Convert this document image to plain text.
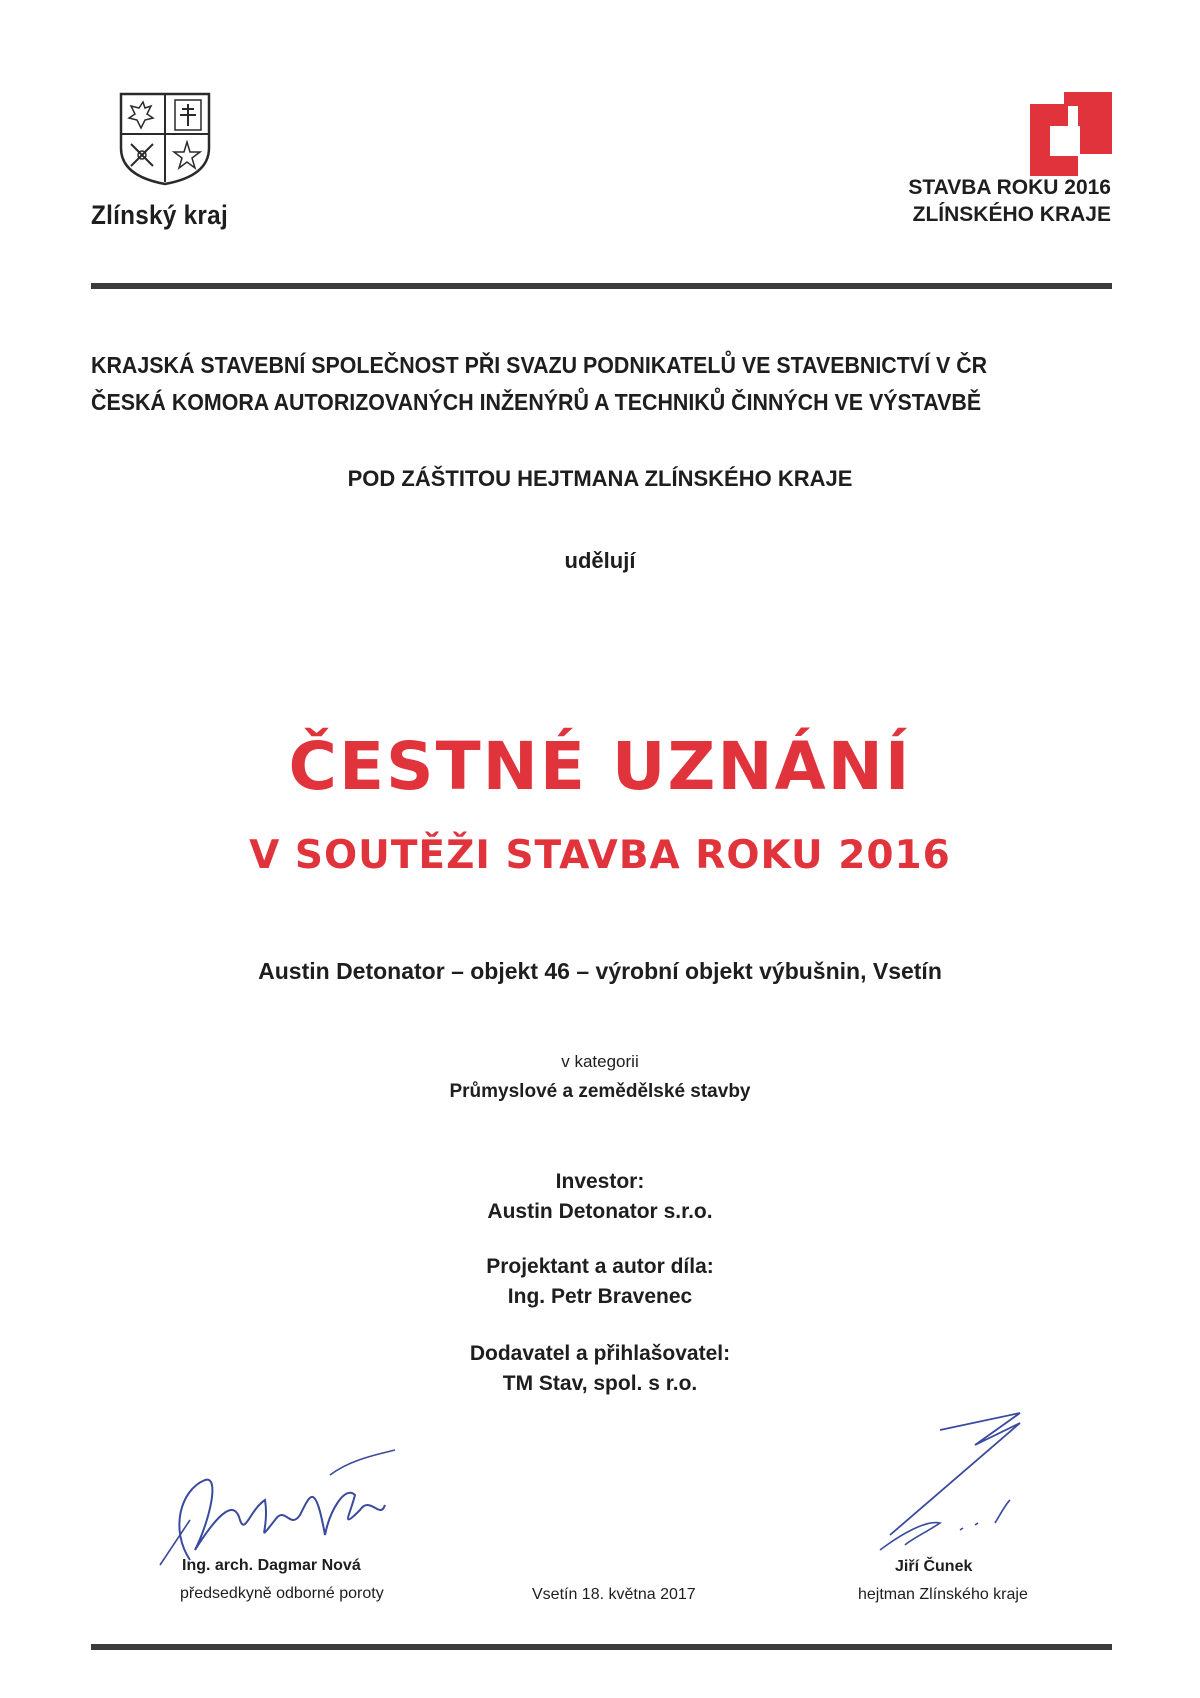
Zlínský kraj
STAVBA ROKU 2016
ZLÍNSKÉHO KRAJE
KRAJSKÁ STAVEBNÍ SPOLEČNOST PŘI SVAZU PODNIKATELŮ VE STAVEBNICTVÍ V ČR
ČESKÁ KOMORA AUTORIZOVANÝCH INŽENÝRŮ A TECHNIKŮ ČINNÝCH VE VÝSTAVBĚ
POD ZÁŠTITOU HEJTMANA ZLÍNSKÉHO KRAJE
udělují
ČESTNÉ UZNÁNÍ
V SOUTĚŽI STAVBA ROKU 2016
Austin Detonator – objekt 46 – výrobní objekt výbušnin, Vsetín
v kategorii
Průmyslové a zemědělské stavby
Investor:
Austin Detonator s.r.o.
Projektant a autor díla:
Ing. Petr Bravenec
Dodavatel a přihlašovatel:
TM Stav, spol. s r.o.
Ing. arch. Dagmar Nová
předsedkyně odborné poroty	Vsetín 18. května 2017
Jiří Čunek
hejtman Zlínského kraje
